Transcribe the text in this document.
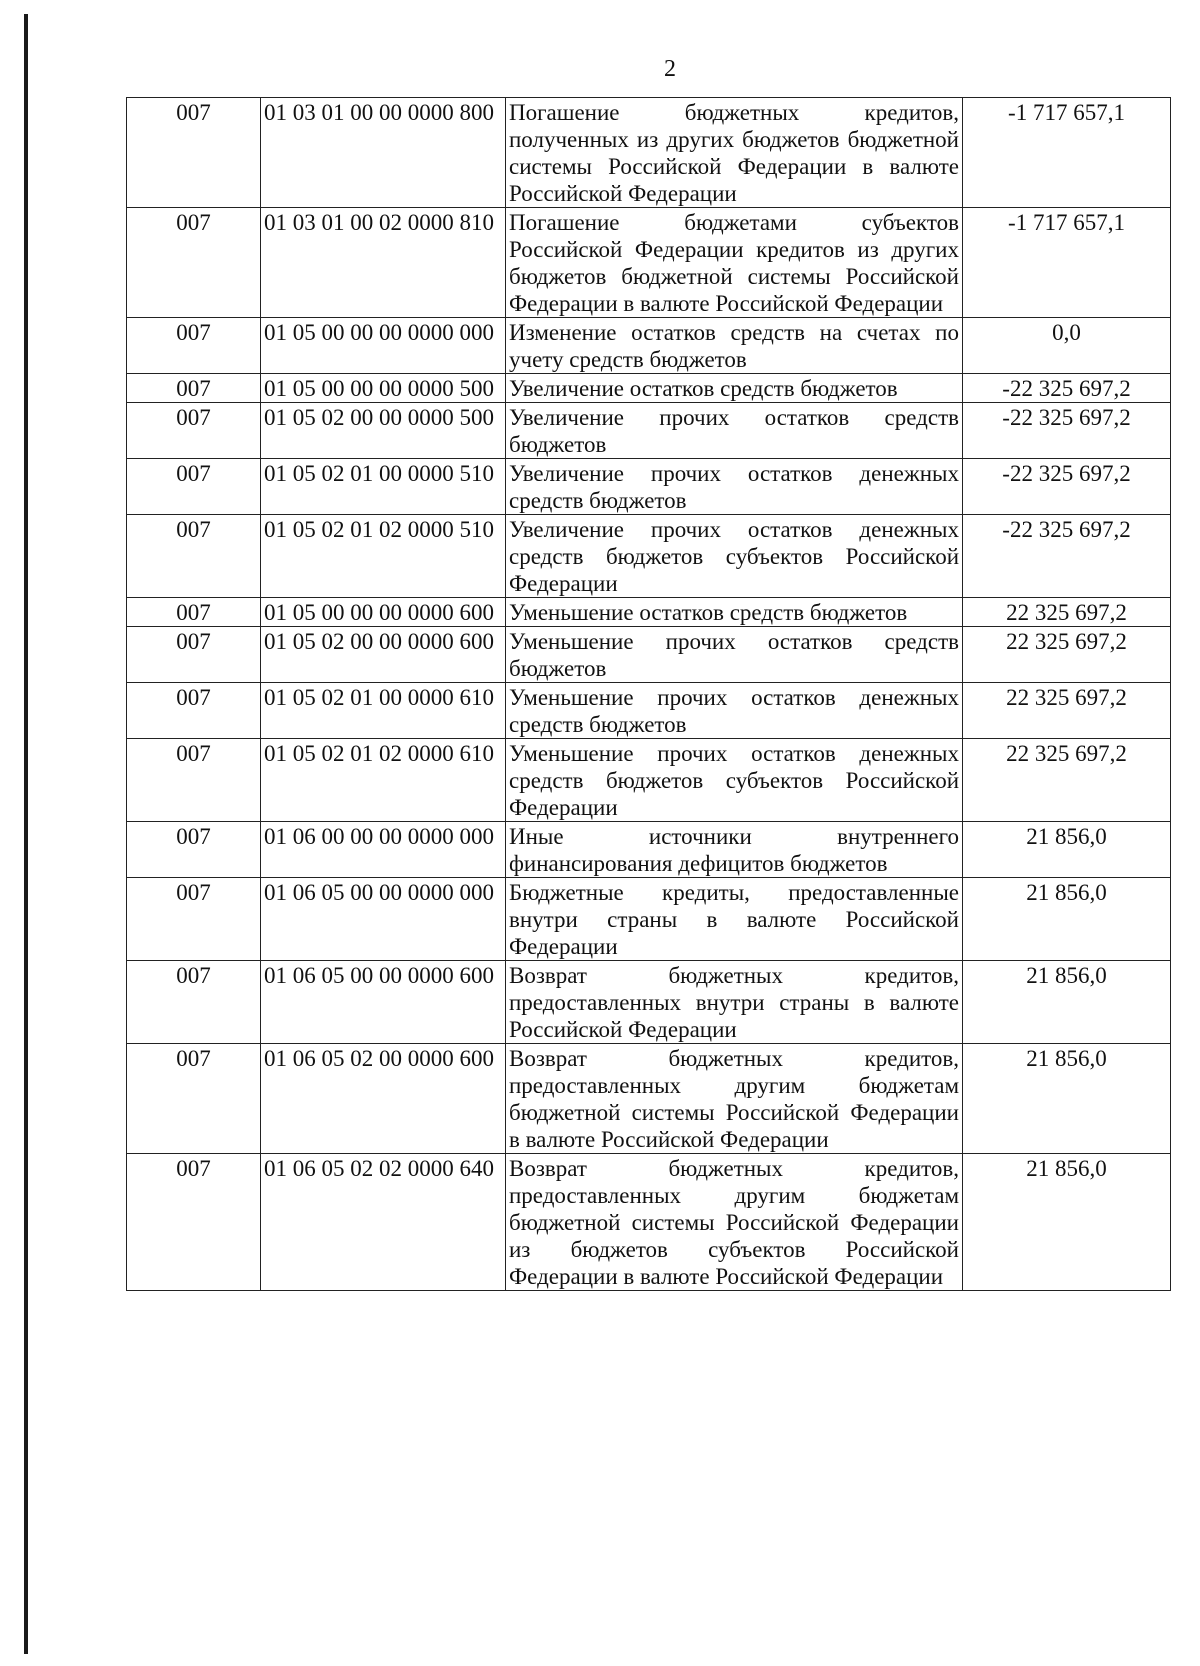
2
007	01 03 01 00 00 0000 800	Погашение бюджетных кредитов, полученных из других бюджетов бюджетной системы Российской Федерации в валюте Российской Федерации	-1 717 657,1
007	01 03 01 00 02 0000 810	Погашение бюджетами субъектов Российской Федерации кредитов из других бюджетов бюджетной системы Российской Федерации в валюте Российской Федерации	-1 717 657,1
007	01 05 00 00 00 0000 000	Изменение остатков средств на счетах по учету средств бюджетов	0,0
007	01 05 00 00 00 0000 500	Увеличение остатков средств бюджетов	-22 325 697,2
007	01 05 02 00 00 0000 500	Увеличение прочих остатков средств бюджетов	-22 325 697,2
007	01 05 02 01 00 0000 510	Увеличение прочих остатков денежных средств бюджетов	-22 325 697,2
007	01 05 02 01 02 0000 510	Увеличение прочих остатков денежных средств бюджетов субъектов Российской Федерации	-22 325 697,2
007	01 05 00 00 00 0000 600	Уменьшение остатков средств бюджетов	22 325 697,2
007	01 05 02 00 00 0000 600	Уменьшение прочих остатков средств бюджетов	22 325 697,2
007	01 05 02 01 00 0000 610	Уменьшение прочих остатков денежных средств бюджетов	22 325 697,2
007	01 05 02 01 02 0000 610	Уменьшение прочих остатков денежных средств бюджетов субъектов Российской Федерации	22 325 697,2
007	01 06 00 00 00 0000 000	Иные источники внутреннего финансирования дефицитов бюджетов	21 856,0
007	01 06 05 00 00 0000 000	Бюджетные кредиты, предоставленные внутри страны в валюте Российской Федерации	21 856,0
007	01 06 05 00 00 0000 600	Возврат бюджетных кредитов, предоставленных внутри страны в валюте Российской Федерации	21 856,0
007	01 06 05 02 00 0000 600	Возврат бюджетных кредитов, предоставленных другим бюджетам бюджетной системы Российской Федерации в валюте Российской Федерации	21 856,0
007	01 06 05 02 02 0000 640	Возврат бюджетных кредитов, предоставленных другим бюджетам бюджетной системы Российской Федерации из бюджетов субъектов Российской Федерации в валюте Российской Федерации	21 856,0
